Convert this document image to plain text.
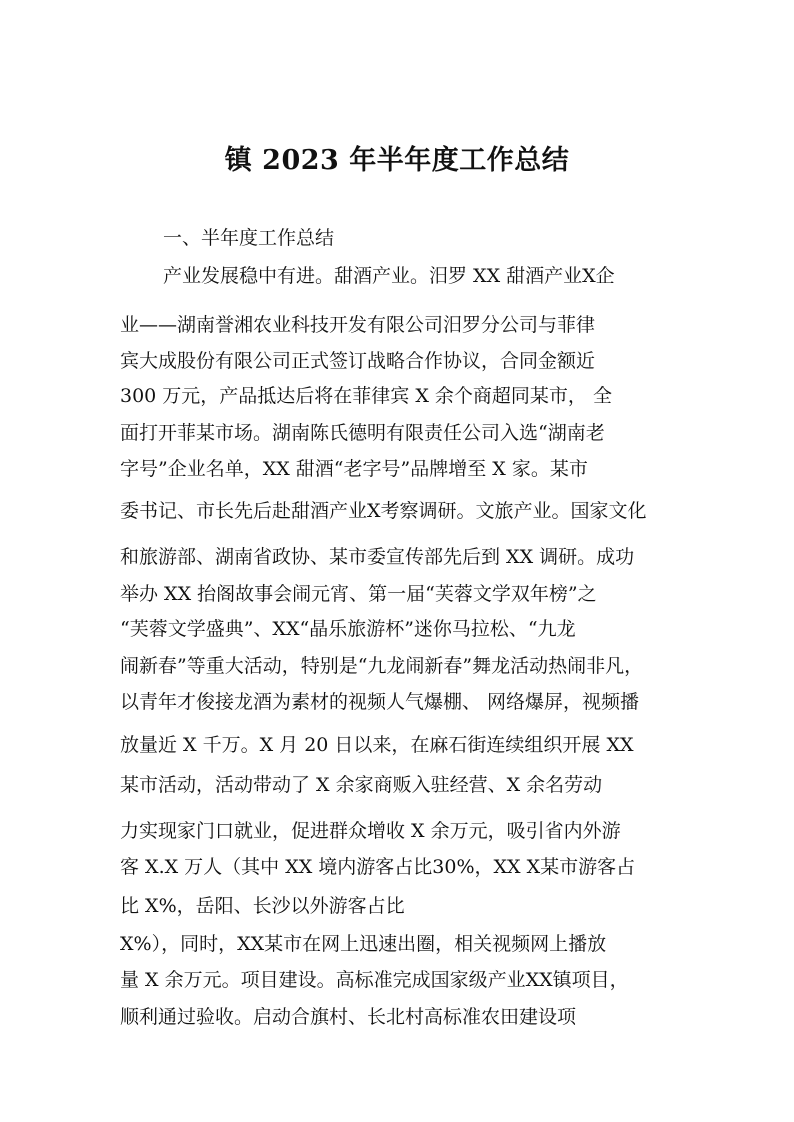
镇 2023 年半年度工作总结

一、半年度工作总结

产业发展稳中有进。甜酒产业。汨罗 XX 甜酒产业X企

业——湖南誉湘农业科技开发有限公司汨罗分公司与菲律

宾大成股份有限公司正式签订战略合作协议，合同金额近

300 万元，产品抵达后将在菲律宾 X 余个商超同某市， 全

面打开菲某市场。湖南陈氏德明有限责任公司入选“湖南老

字号”企业名单，XX 甜酒“老字号”品牌增至 X 家。某市

委书记、市长先后赴甜酒产业X考察调研。文旅产业。国家文化

和旅游部、湖南省政协、某市委宣传部先后到 XX 调研。成功

举办 XX 抬阁故事会闹元宵、第一届“芙蓉文学双年榜”之

“芙蓉文学盛典”、XX“晶乐旅游杯”迷你马拉松、“九龙

闹新春”等重大活动，特别是“九龙闹新春”舞龙活动热闹非凡，

以青年才俊接龙酒为素材的视频人气爆棚、 网络爆屏，视频播

放量近 X 千万。X 月 20 日以来，在麻石街连续组织开展 XX

某市活动，活动带动了 X 余家商贩入驻经营、X 余名劳动

力实现家门口就业，促进群众增收 X 余万元，吸引省内外游

客 X.X 万人（其中 XX 境内游客占比30%，XX X某市游客占

比 X%，岳阳、长沙以外游客占比

X%），同时，XX某市在网上迅速出圈，相关视频网上播放

量 X 余万元。项目建设。高标准完成国家级产业XX镇项目，

顺利通过验收。启动合旗村、长北村高标准农田建设项
